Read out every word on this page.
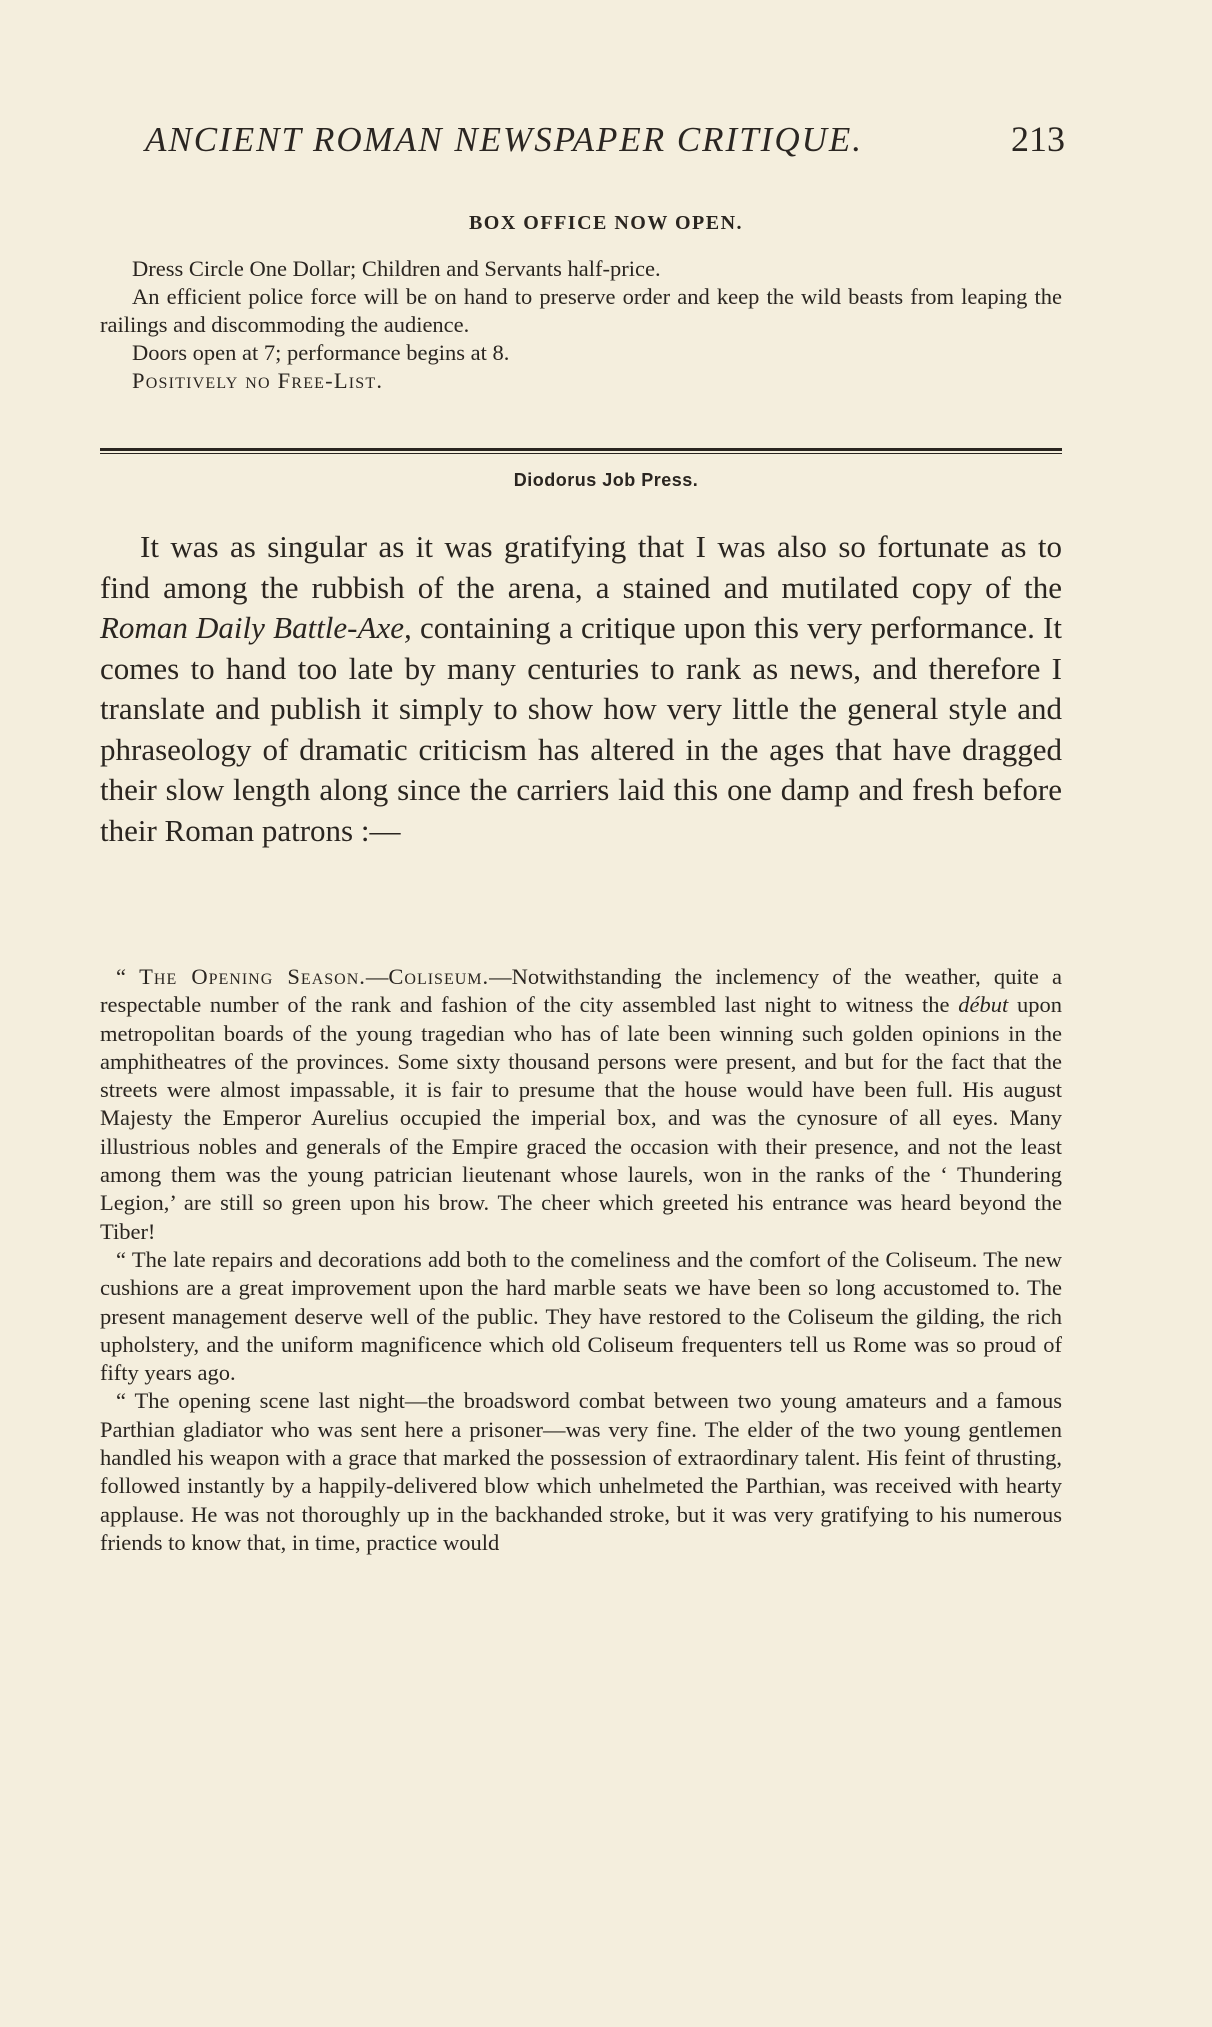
ANCIENT ROMAN NEWSPAPER CRITIQUE.	213
BOX OFFICE NOW OPEN.

Dress Circle One Dollar; Children and Servants half-price.

An efficient police force will be on hand to preserve order and keep the wild beasts from leaping the railings and discommoding the audience.

Doors open at 7; performance begins at 8.

Positively no Free-List.

Diodorus Job Press.

It was as singular as it was gratifying that I was also so fortunate as to find among the rubbish of the arena, a stained and mutilated copy of the Roman Daily Battle-Axe, containing a critique upon this very performance. It comes to hand too late by many centuries to rank as news, and therefore I translate and publish it simply to show how very little the general style and phraseology of dramatic criticism has altered in the ages that have dragged their slow length along since the carriers laid this one damp and fresh before their Roman patrons :—

“ The Opening Season.—Coliseum.—Notwithstanding the inclemency of the weather, quite a respectable number of the rank and fashion of the city assembled last night to witness the début upon metropolitan boards of the young tragedian who has of late been winning such golden opinions in the amphitheatres of the provinces. Some sixty thousand persons were present, and but for the fact that the streets were almost impassable, it is fair to presume that the house would have been full. His august Majesty the Emperor Aurelius occupied the imperial box, and was the cynosure of all eyes. Many illustrious nobles and generals of the Empire graced the occasion with their presence, and not the least among them was the young patrician lieutenant whose laurels, won in the ranks of the ‘ Thundering Legion,’ are still so green upon his brow. The cheer which greeted his entrance was heard beyond the Tiber!

“ The late repairs and decorations add both to the comeliness and the comfort of the Coliseum. The new cushions are a great improvement upon the hard marble seats we have been so long accustomed to. The present management deserve well of the public. They have restored to the Coliseum the gilding, the rich upholstery, and the uniform magnificence which old Coliseum frequenters tell us Rome was so proud of fifty years ago.

“ The opening scene last night—the broadsword combat between two young amateurs and a famous Parthian gladiator who was sent here a prisoner—was very fine. The elder of the two young gentlemen handled his weapon with a grace that marked the possession of extraordinary talent. His feint of thrusting, followed instantly by a happily-delivered blow which unhelmeted the Parthian, was received with hearty applause. He was not thoroughly up in the backhanded stroke, but it was very gratifying to his numerous friends to know that, in time, practice would
